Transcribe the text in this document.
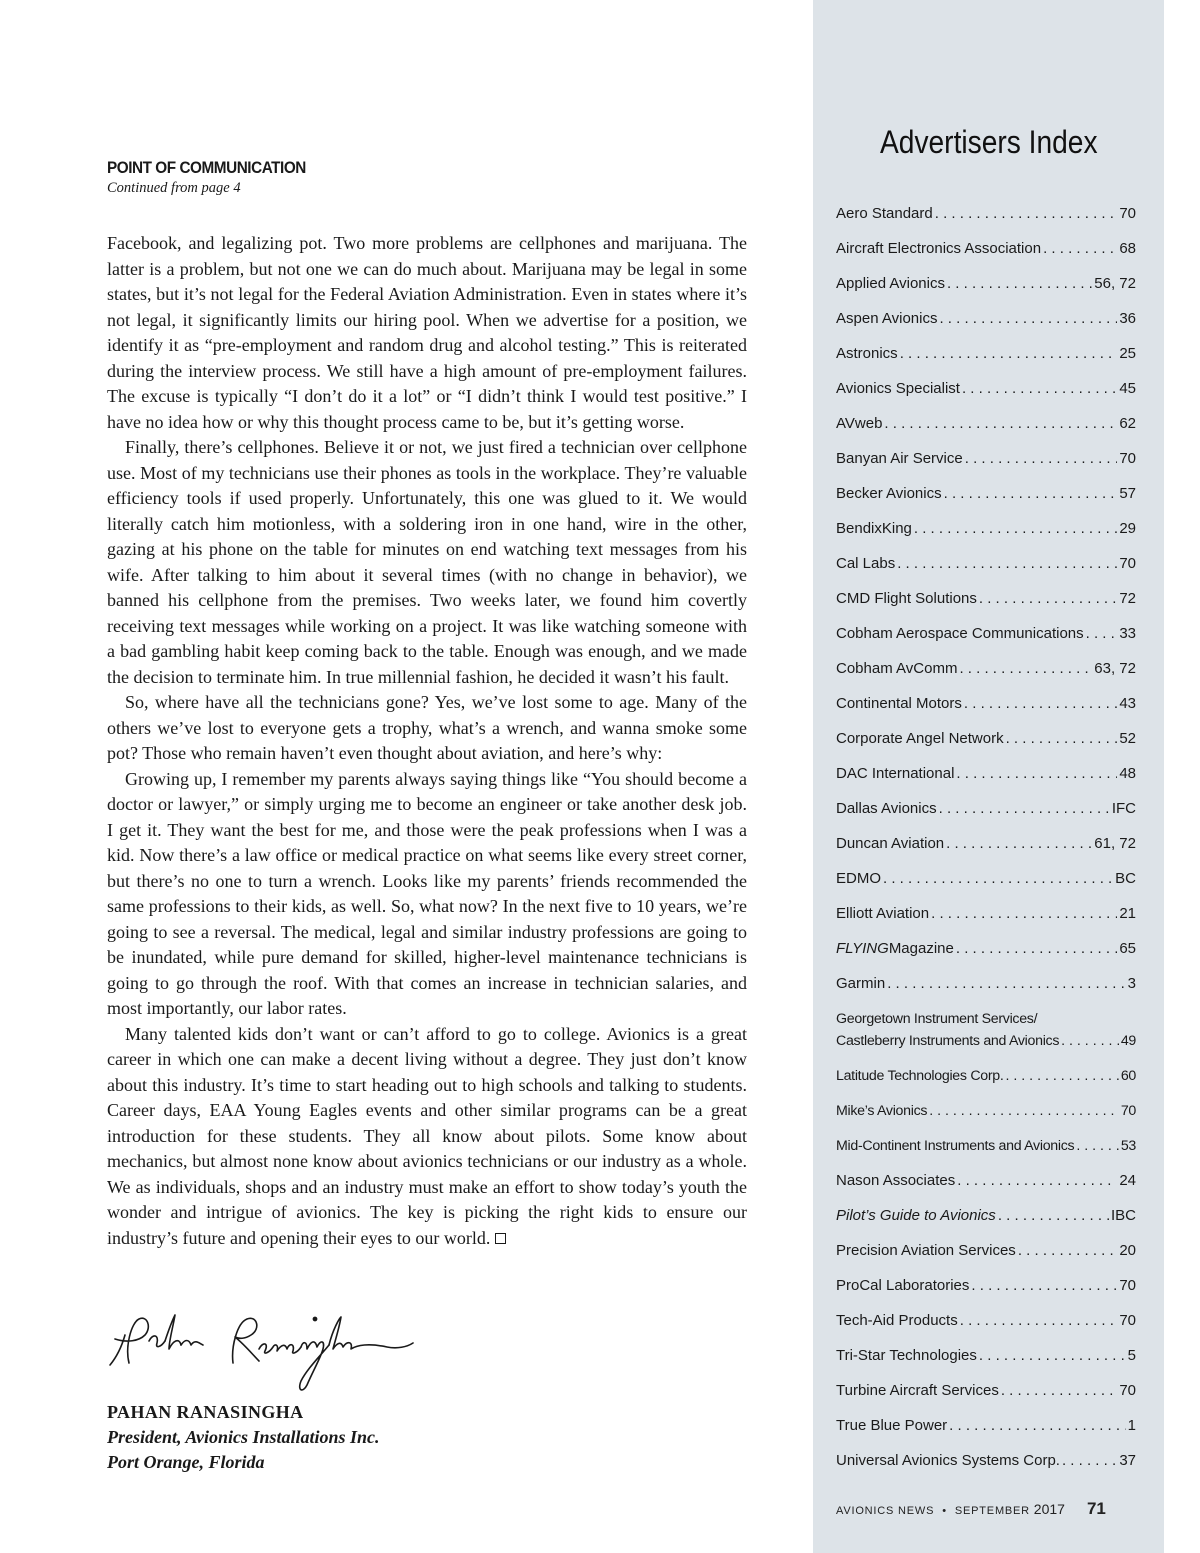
POINT OF COMMUNICATION
Continued from page 4

Facebook, and legalizing pot. Two more problems are cellphones and marijuana. The latter is a problem, but not one we can do much about. Marijuana may be legal in some states, but it’s not legal for the Federal Aviation Administration. Even in states where it’s not legal, it significantly limits our hiring pool. When we advertise for a position, we identify it as “pre-employment and random drug and alcohol testing.” This is reiterated during the interview process. We still have a high amount of pre-employment failures. The excuse is typically “I don’t do it a lot” or “I didn’t think I would test positive.” I have no idea how or why this thought process came to be, but it’s getting worse.

Finally, there’s cellphones. Believe it or not, we just fired a technician over cellphone use. Most of my technicians use their phones as tools in the workplace. They’re valuable efficiency tools if used properly. Unfortunately, this one was glued to it. We would literally catch him motionless, with a soldering iron in one hand, wire in the other, gazing at his phone on the table for minutes on end watching text messages from his wife. After talking to him about it several times (with no change in behavior), we banned his cellphone from the premises. Two weeks later, we found him covertly receiving text messages while working on a project. It was like watching someone with a bad gambling habit keep coming back to the table. Enough was enough, and we made the decision to terminate him. In true millennial fashion, he decided it wasn’t his fault.

So, where have all the technicians gone? Yes, we’ve lost some to age. Many of the others we’ve lost to everyone gets a trophy, what’s a wrench, and wanna smoke some pot? Those who remain haven’t even thought about aviation, and here’s why:

Growing up, I remember my parents always saying things like “You should become a doctor or lawyer,” or simply urging me to become an engineer or take another desk job. I get it. They want the best for me, and those were the peak professions when I was a kid. Now there’s a law office or medical practice on what seems like every street corner, but there’s no one to turn a wrench. Looks like my parents’ friends recommended the same professions to their kids, as well. So, what now? In the next five to 10 years, we’re going to see a reversal. The medical, legal and similar industry professions are going to be inundated, while pure demand for skilled, higher-level maintenance technicians is going to go through the roof. With that comes an increase in technician salaries, and most importantly, our labor rates.

Many talented kids don’t want or can’t afford to go to college. Avionics is a great career in which one can make a decent living without a degree. They just don’t know about this industry. It’s time to start heading out to high schools and talking to students. Career days, EAA Young Eagles events and other similar programs can be a great introduction for these students. They all know about pilots. Some know about mechanics, but almost none know about avionics technicians or our industry as a whole. We as individuals, shops and an industry must make an effort to show today’s youth the wonder and intrigue of avionics. The key is picking the right kids to ensure our industry’s future and opening their eyes to our world.

PAHAN RANASINGHA
President, Avionics Installations Inc.
Port Orange, Florida
Advertisers Index
Aero Standard . . .	70
Aircraft Electronics Association . . .	68
Applied Avionics . . .	56, 72
Aspen Avionics . . .	36
Astronics . . .	25
Avionics Specialist . . .	45
AVweb . . .	62
Banyan Air Service . . .	70
Becker Avionics . . .	57
BendixKing . . .	29
Cal Labs . . .	70
CMD Flight Solutions . . .	72
Cobham Aerospace Communications . . . 33
Cobham AvComm . . .	63, 72
Continental Motors . . .	43
Corporate Angel Network . . .	52
DAC International . . .	48
Dallas Avionics . . .	IFC
Duncan Aviation . . .	61, 72
EDMO . . .	BC
Elliott Aviation . . .	21
FLYING Magazine . . .	65
Garmin . . .	3
Georgetown Instrument Services/
Castleberry Instruments and Avionics . . .	49
Latitude Technologies Corp. . . .	60
Mike’s Avionics . . .	70
Mid-Continent Instruments and Avionics . . .	53
Nason Associates . . .	24
Pilot’s Guide to Avionics . . .	IBC
Precision Aviation Services . . .	20
ProCal Laboratories . . .	70
Tech-Aid Products . . .	70
Tri-Star Technologies . . .	5
Turbine Aircraft Services . . .	70
True Blue Power . . .	1
Universal Avionics Systems Corp. . . .	37
AVIONICS NEWS • SEPTEMBER 2017 71
